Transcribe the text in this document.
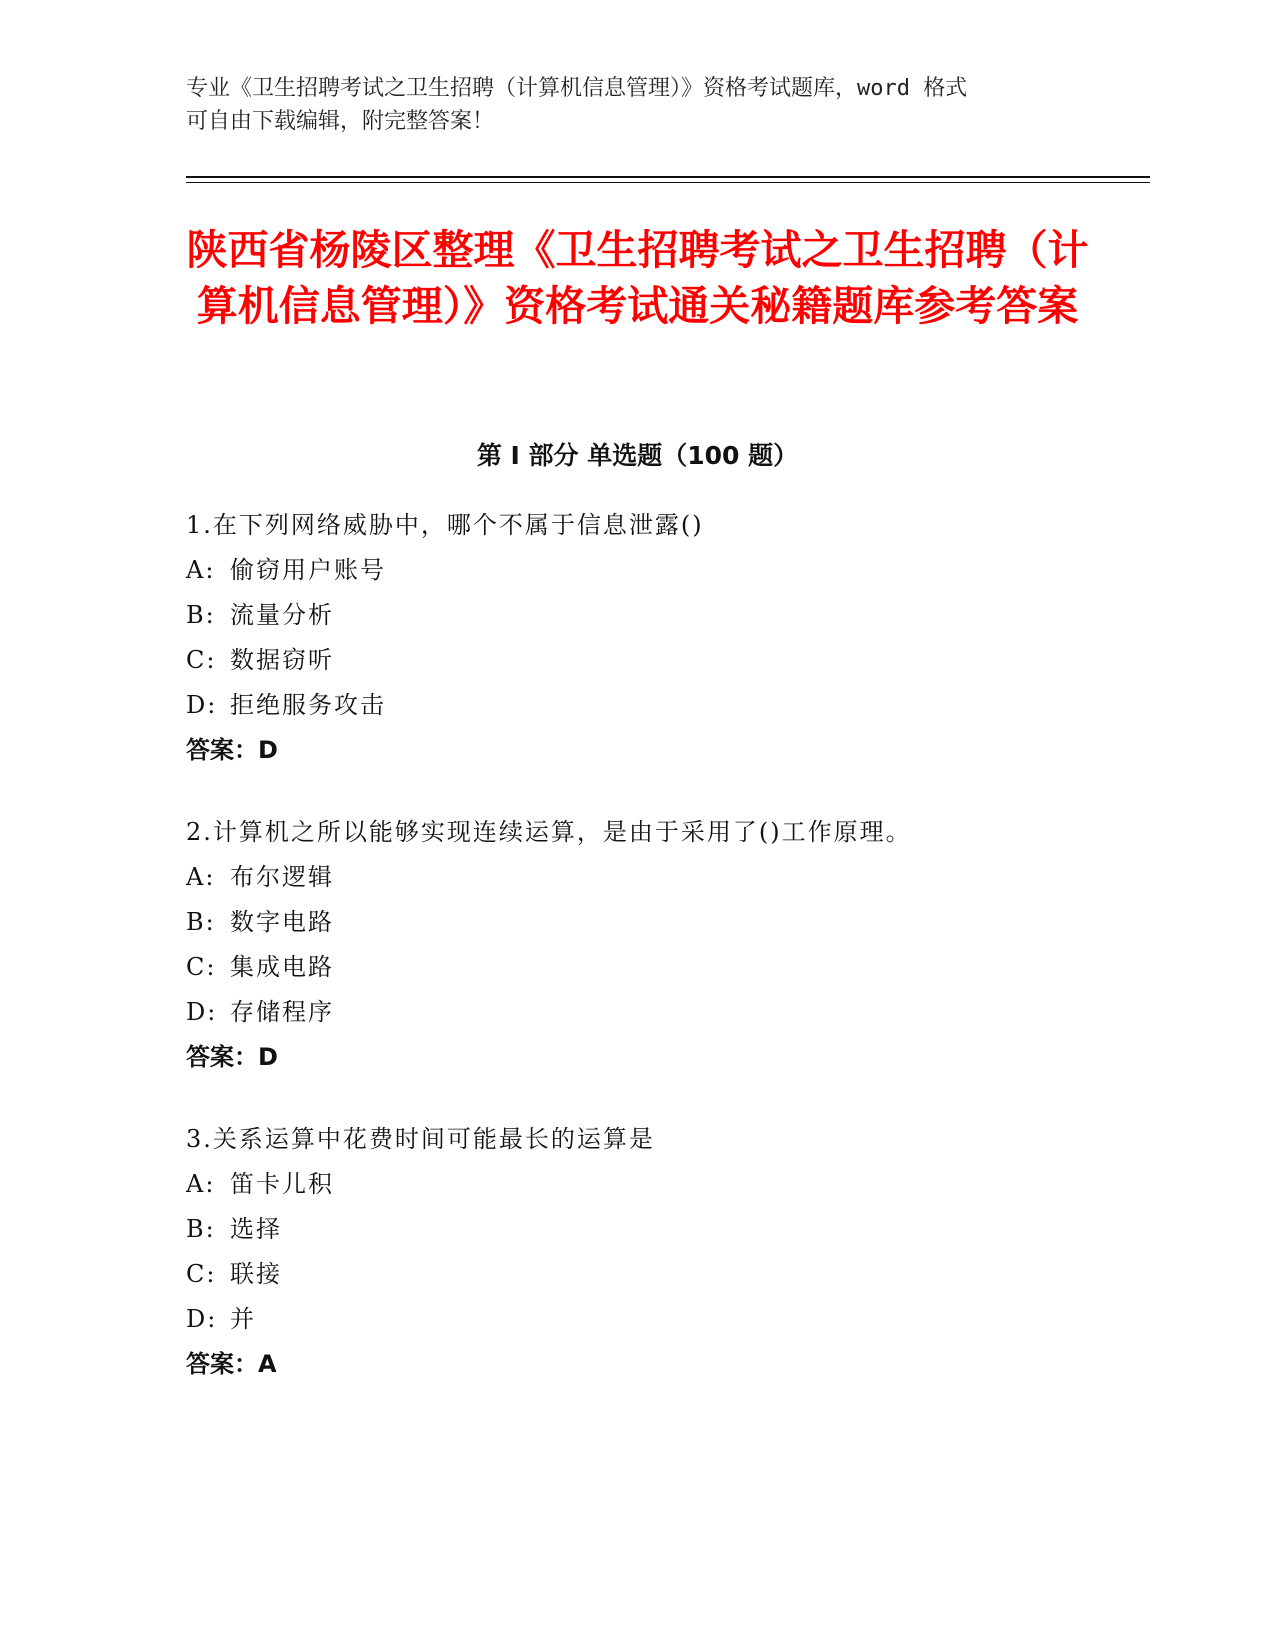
专业《卫生招聘考试之卫生招聘（计算机信息管理）》资格考试题库，word 格式
可自由下载编辑，附完整答案！
陕西省杨陵区整理《卫生招聘考试之卫生招聘（计算机信息管理）》资格考试通关秘籍题库参考答案
第 I 部分 单选题（100 题）
1.在下列网络威胁中，哪个不属于信息泄露()
A: 偷窃用户账号
B: 流量分析
C: 数据窃听
D: 拒绝服务攻击
答案：D
2.计算机之所以能够实现连续运算，是由于采用了()工作原理。
A: 布尔逻辑
B: 数字电路
C: 集成电路
D: 存储程序
答案：D
3.关系运算中花费时间可能最长的运算是
A: 笛卡儿积
B: 选择
C: 联接
D: 并
答案：A
